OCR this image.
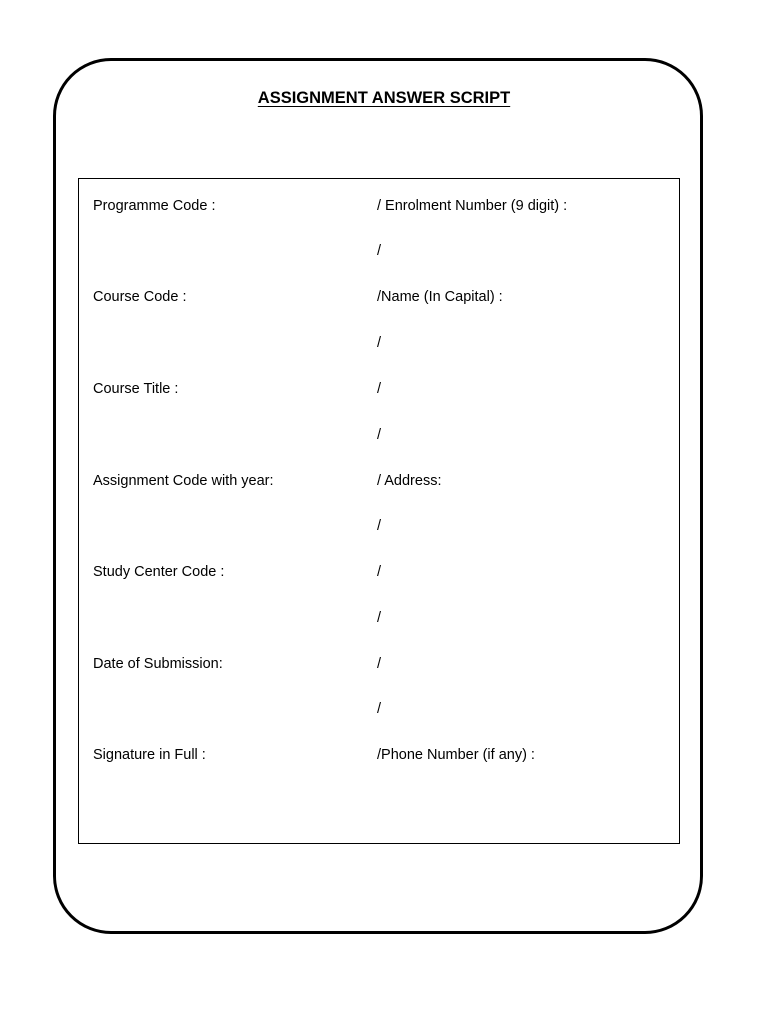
ASSIGNMENT ANSWER SCRIPT
Programme Code :
Course Code :
Course Title :
Assignment Code with year:
Study Center Code :
Date of Submission:
Signature in Full :
/ Enrolment Number (9 digit) :
/
/Name (In Capital) :
/
/
/
/ Address:
/
/
/
/
/
/Phone Number (if any) :
